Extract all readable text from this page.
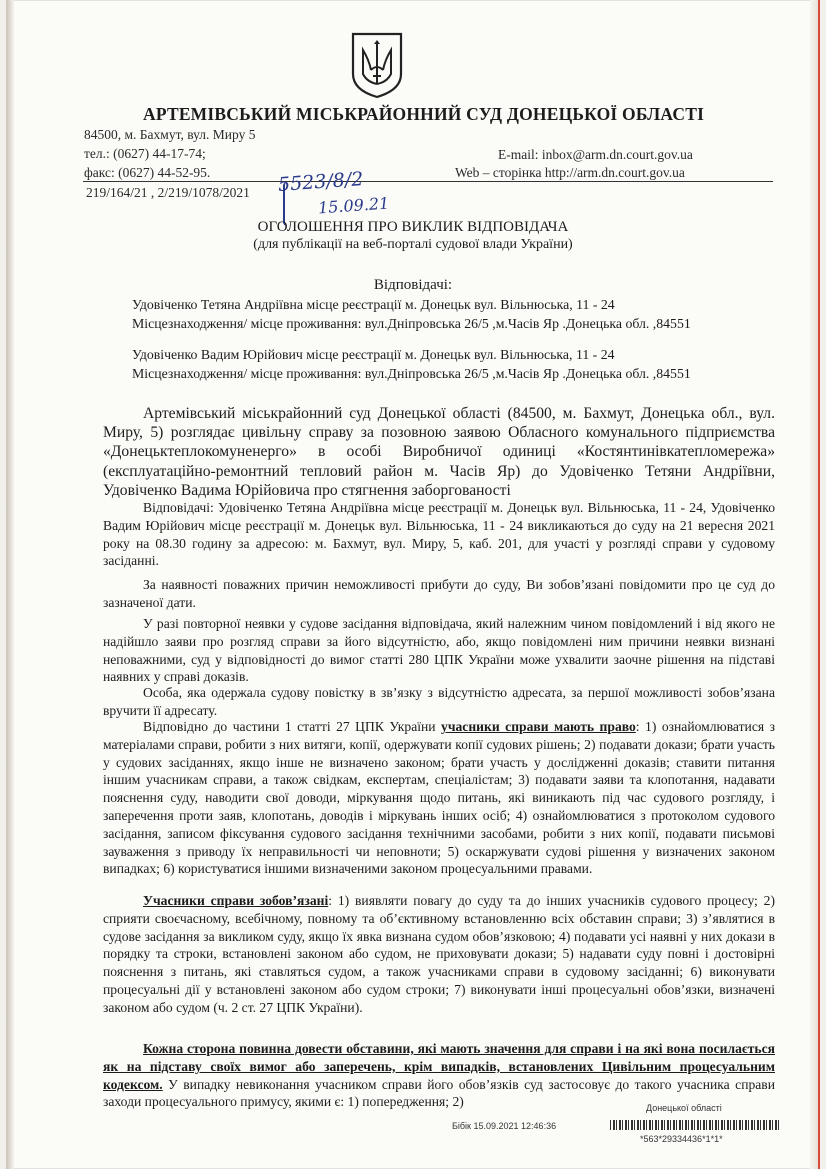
АРТЕМІВСЬКИЙ МІСЬКРАЙОННИЙ СУД ДОНЕЦЬКОЇ ОБЛАСТІ
84500, м. Бахмут, вул. Миру 5
тел.: (0627) 44-17-74;
факс: (0627) 44-52-95.
E-mail: inbox@arm.dn.court.gov.ua
Web – сторінка http://arm.dn.court.gov.ua
219/164/21 , 2/219/1078/2021 5523/8/2
15.09.21
ОГОЛОШЕННЯ ПРО ВИКЛИК ВІДПОВІДАЧА
(для публікації на веб-порталі судової влади України)
Відповідачі:
Удовіченко Тетяна Андріївна місце реєстрації м. Донецьк вул. Вільнюська, 11 - 24
Місцезнаходження/ місце проживання: вул.Дніпровська 26/5 ,м.Часів Яр .Донецька обл. ,84551
Удовіченко Вадим Юрійович місце реєстрації м. Донецьк вул. Вільнюська, 11 - 24
Місцезнаходження/ місце проживання: вул.Дніпровська 26/5 ,м.Часів Яр .Донецька обл. ,84551

Артемівський міськрайонний суд Донецької області (84500, м. Бахмут, Донецька обл., вул. Миру, 5) розглядає цивільну справу за позовною заявою Обласного комунального підприємства «Донецьктеплокомуненерго» в особі Виробничої одиниці «Костянтинівкатепломережа» (експлуатаційно-ремонтний тепловий район м. Часів Яр) до Удовіченко Тетяни Андріївни, Удовіченко Вадима Юрійовича про стягнення заборгованості

Відповідачі: Удовіченко Тетяна Андріївна місце реєстрації м. Донецьк вул. Вільнюська, 11 - 24, Удовіченко Вадим Юрійович місце реєстрації м. Донецьк вул. Вільнюська, 11 - 24 викликаються до суду на 21 вересня 2021 року на 08.30 годину за адресою: м. Бахмут, вул. Миру, 5, каб. 201, для участі у розгляді справи у судовому засіданні.

За наявності поважних причин неможливості прибути до суду, Ви зобов’язані повідомити про це суд до зазначеної дати.

У разі повторної неявки у судове засідання відповідача, який належним чином повідомлений і від якого не надійшло заяви про розгляд справи за його відсутністю, або, якщо повідомлені ним причини неявки визнані неповажними, суд у відповідності до вимог статті 280 ЦПК України може ухвалити заочне рішення на підставі наявних у справі доказів.

Особа, яка одержала судову повістку в зв’язку з відсутністю адресата, за першої можливості зобов’язана вручити її адресату.

Відповідно до частини 1 статті 27 ЦПК України учасники справи мають право: 1) ознайомлюватися з матеріалами справи, робити з них витяги, копії, одержувати копії судових рішень; 2) подавати докази; брати участь у судових засіданнях, якщо інше не визначено законом; брати участь у дослідженні доказів; ставити питання іншим учасникам справи, а також свідкам, експертам, спеціалістам; 3) подавати заяви та клопотання, надавати пояснення суду, наводити свої доводи, міркування щодо питань, які виникають під час судового розгляду, і заперечення проти заяв, клопотань, доводів і міркувань інших осіб; 4) ознайомлюватися з протоколом судового засідання, записом фіксування судового засідання технічними засобами, робити з них копії, подавати письмові зауваження з приводу їх неправильності чи неповноти; 5) оскаржувати судові рішення у визначених законом випадках; 6) користуватися іншими визначеними законом процесуальними правами.

Учасники справи зобов’язані: 1) виявляти повагу до суду та до інших учасників судового процесу; 2) сприяти своєчасному, всебічному, повному та об’єктивному встановленню всіх обставин справи; 3) з’являтися в судове засідання за викликом суду, якщо їх явка визнана судом обов’язковою; 4) подавати усі наявні у них докази в порядку та строки, встановлені законом або судом, не приховувати докази; 5) надавати суду повні і достовірні пояснення з питань, які ставляться судом, а також учасниками справи в судовому засіданні; 6) виконувати процесуальні дії у встановлені законом або судом строки; 7) виконувати інші процесуальні обов’язки, визначені законом або судом (ч. 2 ст. 27 ЦПК України).

Кожна сторона повинна довести обставини, які мають значення для справи і на які вона посилається як на підставу своїх вимог або заперечень, крім випадків, встановлених Цивільним процесуальним кодексом. У випадку невиконання учасником справи його обов’язків суд застосовує до такого учасника справи заходи процесуального примусу, якими є: 1) попередження; 2)

Бібік 15.09.2021 12:46:36
Донецької області
*563*29334436*1*1*
